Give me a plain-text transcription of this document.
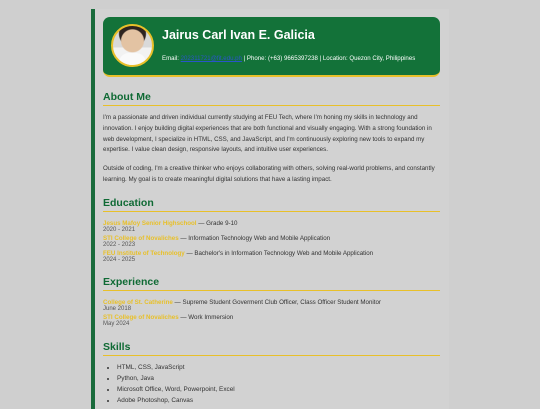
Jairus Carl Ivan E. Galicia
Email: 202311721@fit.edu.ph | Phone: (+63) 9665397238 | Location: Quezon City, Philippines
About Me

I'm a passionate and driven individual currently studying at FEU Tech, where I'm honing my skills in technology and innovation. I enjoy building digital experiences that are both functional and visually engaging. With a strong foundation in web development, I specialize in HTML, CSS, and JavaScript, and I'm continuously exploring new tools to expand my expertise. I value clean design, responsive layouts, and intuitive user experiences.

Outside of coding, I'm a creative thinker who enjoys collaborating with others, solving real-world problems, and constantly learning. My goal is to create meaningful digital solutions that have a lasting impact.

Education
Jesus Mafoy Senior Highschool — Grade 9-10
2020 - 2021
STI College of Novaliches — Information Technology Web and Mobile Application
2022 - 2023
FEU Institute of Technology — Bachelor's in Information Technology Web and Mobile Application
2024 - 2025
Experience
College of St. Catherine — Supreme Student Goverment Club Officer, Class Officer Student Monitor
June 2018
STI College of Novaliches — Work Immersion
May 2024
Skills
• HTML, CSS, JavaScript
• Python, Java
• Microsoft Office, Word, Powerpoint, Excel
• Adobe Photoshop, Canvas
